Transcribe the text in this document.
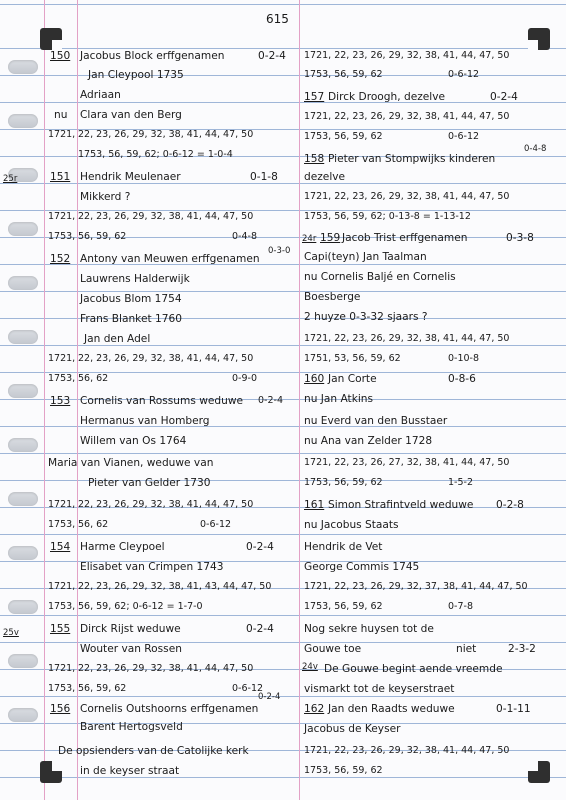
615
150 Jacobus Block erffgenamen	0-2-4
Jan Cleypool 1735
Adriaan
nu Clara van den Berg
1721, 22, 23, 26, 29, 32, 38, 41, 44, 47, 50
1753, 56, 59, 62; 0-6-12 = 1-0-4
25r	151 Hendrik Meulenaer	0-1-8
Mikkerd ?
1721, 22, 23, 26, 29, 32, 38, 41, 44, 47, 50
1753, 56, 59, 62	0-4-8
152 Antony van Meuwen erffgenamen
0-3-0
Lauwrens Halderwijk
Jacobus Blom 1754
Frans Blanket 1760
Jan den Adel
1721, 22, 23, 26, 29, 32, 38, 41, 44, 47, 50
1753, 56, 62	0-9-0
153 Cornelis van Rossums weduwe 0-2-4
Hermanus van Homberg
Willem van Os 1764
Maria van Vianen, weduwe van
Pieter van Gelder 1730
1721, 22, 23, 26, 29, 32, 38, 41, 44, 47, 50
1753, 56, 62	0-6-12
154 Harme Cleypoel	0-2-4
Elisabet van Crimpen 1743
1721, 22, 23, 26, 29, 32, 38, 41, 43, 44, 47, 50
1753, 56, 59, 62; 0-6-12 = 1-7-0
25v	155 Dirck Rijst weduwe	0-2-4
Wouter van Rossen
1721, 22, 23, 26, 29, 32, 38, 41, 44, 47, 50
1753, 56, 59, 62	0-6-12
156 Cornelis Outshoorns erffgenamen
0-2-4
Barent Hertogsveld
De opsienders van de Catolijke kerk
in de keyser straat
1721, 22, 23, 26, 29, 32, 38, 41, 44, 47, 50
1753, 56, 59, 62	0-6-12
157 Dirck Droogh, dezelve	0-2-4
1721, 22, 23, 26, 29, 32, 38, 41, 44, 47, 50
1753, 56, 59, 62	0-6-12
158 Pieter van Stompwijks kinderen
0-4-8
dezelve
1721, 22, 23, 26, 29, 32, 38, 41, 44, 47, 50
1753, 56, 59, 62; 0-13-8 = 1-13-12
24r 159 Jacob Trist erffgenamen	0-3-8
Capi(teyn) Jan Taalman
nu Cornelis Baljé en Cornelis
Boesberge
2 huyze 0-3-32 sjaars ?
1721, 22, 23, 26, 29, 32, 38, 41, 44, 47, 50
1751, 53, 56, 59, 62	0-10-8
160 Jan Corte	0-8-6
nu Jan Atkins
nu Everd van den Busstaer
nu Ana van Zelder 1728
1721, 22, 23, 26, 27, 32, 38, 41, 44, 47, 50
1753, 56, 59, 62	1-5-2
161 Simon Strafintveld weduwe 0-2-8
nu Jacobus Staats
Hendrik de Vet
George Commis 1745
1721, 22, 23, 26, 29, 32, 37, 38, 41, 44, 47, 50
1753, 56, 59, 62	0-7-8
Nog sekre huysen tot de
Gouwe toe	niet	2-3-2
24v De Gouwe begint aende vreemde
vismarkt tot de keyserstraet
162 Jan den Raadts weduwe	0-1-11
Jacobus de Keyser
1721, 22, 23, 26, 29, 32, 38, 41, 44, 47, 50
1753, 56, 59, 62
